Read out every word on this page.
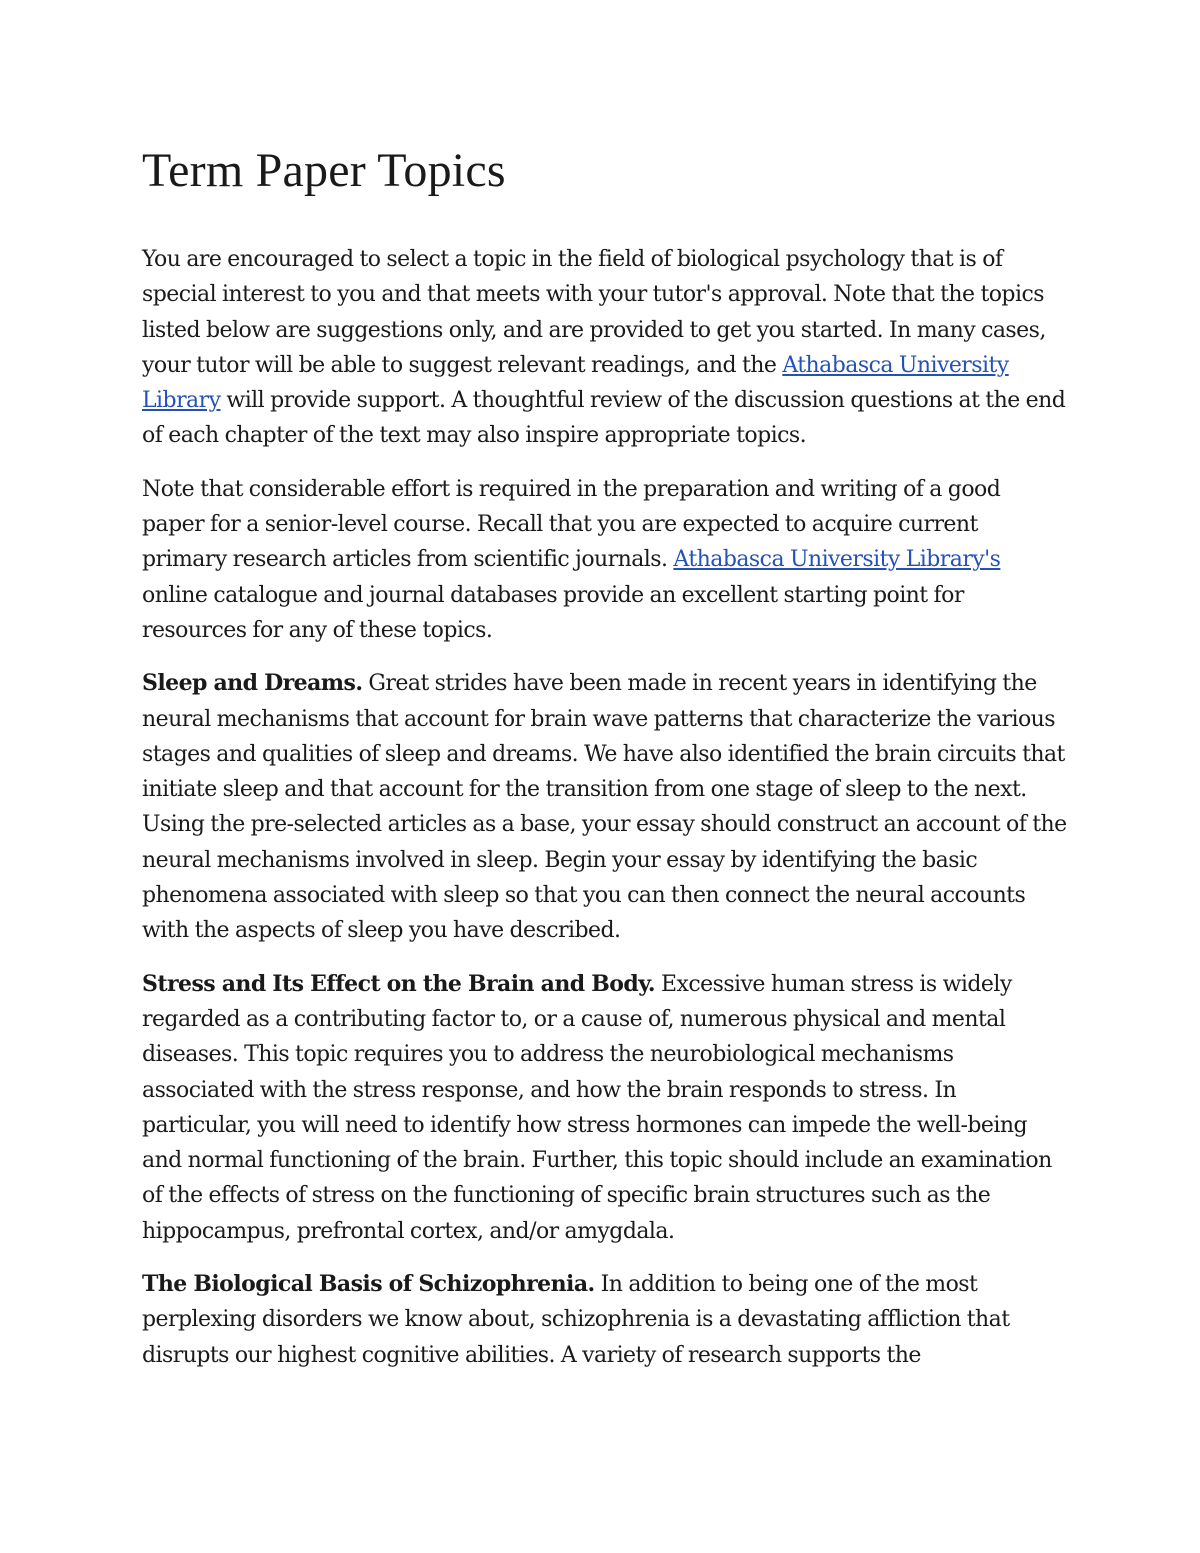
Term Paper Topics

You are encouraged to select a topic in the field of biological psychology that is of special interest to you and that meets with your tutor's approval. Note that the topics listed below are suggestions only, and are provided to get you started. In many cases, your tutor will be able to suggest relevant readings, and the Athabasca University Library will provide support. A thoughtful review of the discussion questions at the end of each chapter of the text may also inspire appropriate topics.

Note that considerable effort is required in the preparation and writing of a good paper for a senior-level course. Recall that you are expected to acquire current primary research articles from scientific journals. Athabasca University Library's online catalogue and journal databases provide an excellent starting point for resources for any of these topics.

Sleep and Dreams. Great strides have been made in recent years in identifying the neural mechanisms that account for brain wave patterns that characterize the various stages and qualities of sleep and dreams. We have also identified the brain circuits that initiate sleep and that account for the transition from one stage of sleep to the next. Using the pre-selected articles as a base, your essay should construct an account of the neural mechanisms involved in sleep. Begin your essay by identifying the basic phenomena associated with sleep so that you can then connect the neural accounts with the aspects of sleep you have described.

Stress and Its Effect on the Brain and Body. Excessive human stress is widely regarded as a contributing factor to, or a cause of, numerous physical and mental diseases. This topic requires you to address the neurobiological mechanisms associated with the stress response, and how the brain responds to stress. In particular, you will need to identify how stress hormones can impede the well-being and normal functioning of the brain. Further, this topic should include an examination of the effects of stress on the functioning of specific brain structures such as the hippocampus, prefrontal cortex, and/or amygdala.

The Biological Basis of Schizophrenia. In addition to being one of the most perplexing disorders we know about, schizophrenia is a devastating affliction that disrupts our highest cognitive abilities. A variety of research supports the
